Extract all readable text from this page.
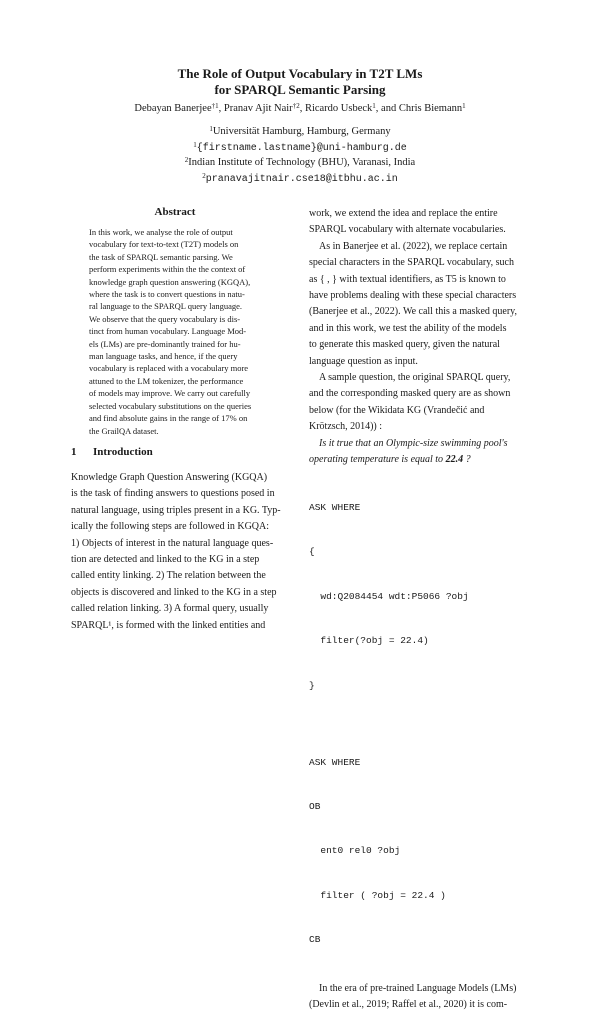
The Role of Output Vocabulary in T2T LMs
for SPARQL Semantic Parsing
Debayan Banerjee$^{\dagger 1}$, Pranav Ajit Nair$^{\dagger 2}$, Ricardo Usbeck$^1$, and Chris Biemann$^1$
$^1$Universität Hamburg, Hamburg, Germany
$^1${firstname.lastname}@uni-hamburg.de
$^2$Indian Institute of Technology (BHU), Varanasi, India
$^2$pranavajitnair.cse18@itbhu.ac.in
Abstract
In this work, we analyse the role of output
vocabulary for text-to-text (T2T) models on
the task of SPARQL semantic parsing. We
perform experiments within the the context of
knowledge graph question answering (KGQA),
where the task is to convert questions in natu-
ral language to the SPARQL query language.
We observe that the query vocabulary is dis-
tinct from human vocabulary. Language Mod-
els (LMs) are pre-dominantly trained for hu-
man language tasks, and hence, if the query
vocabulary is replaced with a vocabulary more
attuned to the LM tokenizer, the performance
of models may improve. We carry out carefully
selected vocabulary substitutions on the queries
and find absolute gains in the range of 17% on
the GrailQA dataset.
1 Introduction
Knowledge Graph Question Answering (KGQA)
is the task of finding answers to questions posed in
natural language, using triples present in a KG. Typ-
ically the following steps are followed in KGQA:
1) Objects of interest in the natural language ques-
tion are detected and linked to the KG in a step
called entity linking. 2) The relation between the
objects is discovered and linked to the KG in a step
called relation linking. 3) A formal query, usually
SPARQL¹, is formed with the linked entities and

work, we extend the idea and replace the entire
SPARQL vocabulary with alternate vocabularies.

As in Banerjee et al. (2022), we replace certain
special characters in the SPARQL vocabulary, such
as { , } with textual identifiers, as T5 is known to
have problems dealing with these special characters
(Banerjee et al., 2022). We call this a masked query,
and in this work, we test the ability of the models
to generate this masked query, given the natural
language question as input.

A sample question, the original SPARQL query,
and the corresponding masked query are as shown
below (for the Wikidata KG (Vrandečić and
Krötzsch, 2014)) :

Is it true that an Olympic-size swimming pool's
operating temperature is equal to 22.4 ?

ASK WHERE

{

wd:Q2084454 wdt:P5066 ?obj

filter(?obj = 22.4)

}

ASK WHERE

OB

ent0 rel0 ?obj

filter ( ?obj = 22.4 )

CB

In the era of pre-trained Language Models (LMs)
(Devlin et al., 2019; Raffel et al., 2020) it is com-
